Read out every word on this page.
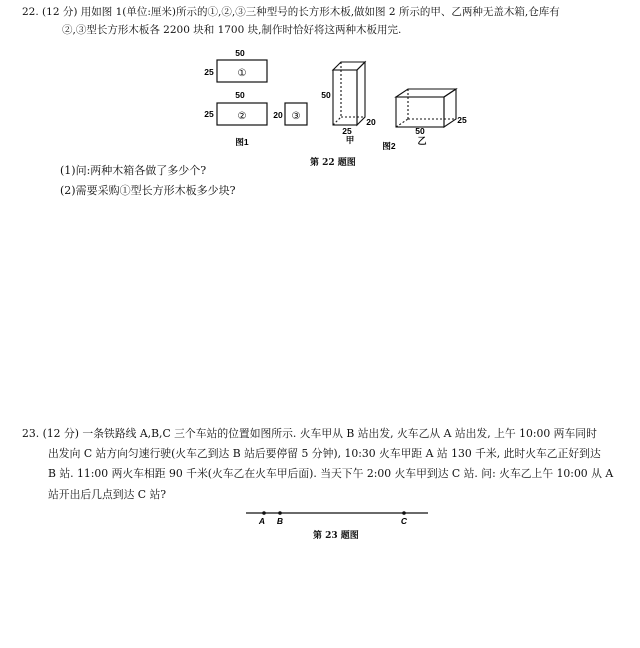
22. (12 分) 用如图 1(单位:厘米)所示的①,②,③三种型号的长方形木板,做如图 2 所示的甲、乙两种无盖木箱,仓库有
②,③型长方形木板各 2200 块和 1700 块,制作时恰好将这两种木板用完.
50
25 ①
50
25 ②	20 ③
图1
50
20
25
甲
25
50
乙
图2
第 22 题图
(1)问:两种木箱各做了多少个?
(2)需要采购①型长方形木板多少块?
23. (12 分) 一条铁路线 A,B,C 三个车站的位置如图所示. 火车甲从 B 站出发, 火车乙从 A 站出发, 上午 10:00 两车同时
出发向 C 站方向匀速行驶(火车乙到达 B 站后要停留 5 分钟), 10:30 火车甲距 A 站 130 千米, 此时火车乙正好到达
B 站. 11:00 两火车相距 90 千米(火车乙在火车甲后面). 当天下午 2:00 火车甲到达 C 站. 问: 火车乙上午 10:00 从 A
站开出后几点到达 C 站?
A B	C
第 23 题图
